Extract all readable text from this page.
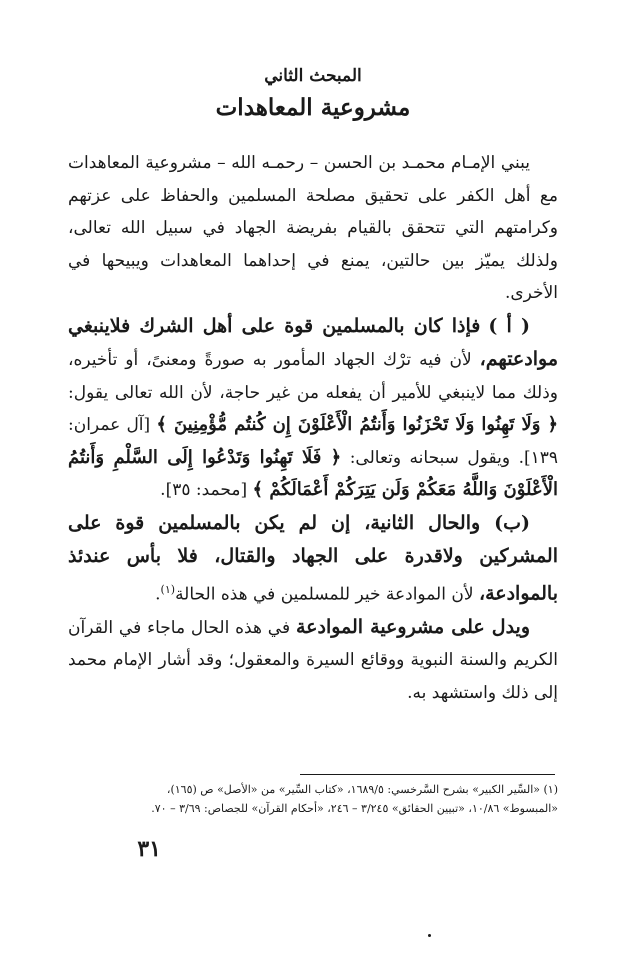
المبحث الثاني
مشروعية المعاهدات

يبني الإمـام محمـد بن الحسن – رحمـه الله – مشروعية المعاهدات مع أهل الكفر على تحقيق مصلحة المسلمين والحفاظ على عزتهم وكرامتهم التي تتحقق بالقيام بفريضة الجهاد في سبيل الله تعالى، ولذلك يميّز بين حالتين، يمنع في إحداهما المعاهدات ويبيحها في الأخرى.

( أ ) فإذا كان بالمسلمين قوة على أهل الشرك فلاينبغي موادعتهم، لأن فيه ترْك الجهاد المأمور به صورةً ومعنىً، أو تأخيره، وذلك مما لاينبغي للأمير أن يفعله من غير حاجة، لأن الله تعالى يقول: ﴿ وَلَا تَهِنُوا وَلَا تَحْزَنُوا وَأَنتُمُ الْأَعْلَوْنَ إِن كُنتُم مُّؤْمِنِينَ ﴾ [آل عمران: ١٣٩]. ويقول سبحانه وتعالى: ﴿ فَلَا تَهِنُوا وَتَدْعُوا إِلَى السَّلْمِ وَأَنتُمُ الْأَعْلَوْنَ وَاللَّهُ مَعَكُمْ وَلَن يَتِرَكُمْ أَعْمَالَكُمْ ﴾ [محمد: ٣٥].

(ب) والحال الثانية، إن لم يكن بالمسلمين قوة على المشركين ولاقدرة على الجهاد والقتال، فلا بأس عندئذ بالموادعة، لأن الموادعة خير للمسلمين في هذه الحالة$^{(١)}$.

ويدل على مشروعية الموادعة في هذه الحال ماجاء في القرآن الكريم والسنة النبوية ووقائع السيرة والمعقول؛ وقد أشار الإمام محمد إلى ذلك واستشهد به.

(١) «السِّير الكبير» بشرح السَّرخسي: ١٦٨٩/٥، «كتاب السِّير» من «الأصل» ص (١٦٥)،

«المبسوط» ١٠/٨٦، «تبيين الحقائق» ٣/٢٤٥ – ٢٤٦، «أحكام القرآن» للجصاص: ٣/٦٩ – ٧٠.

٣١
